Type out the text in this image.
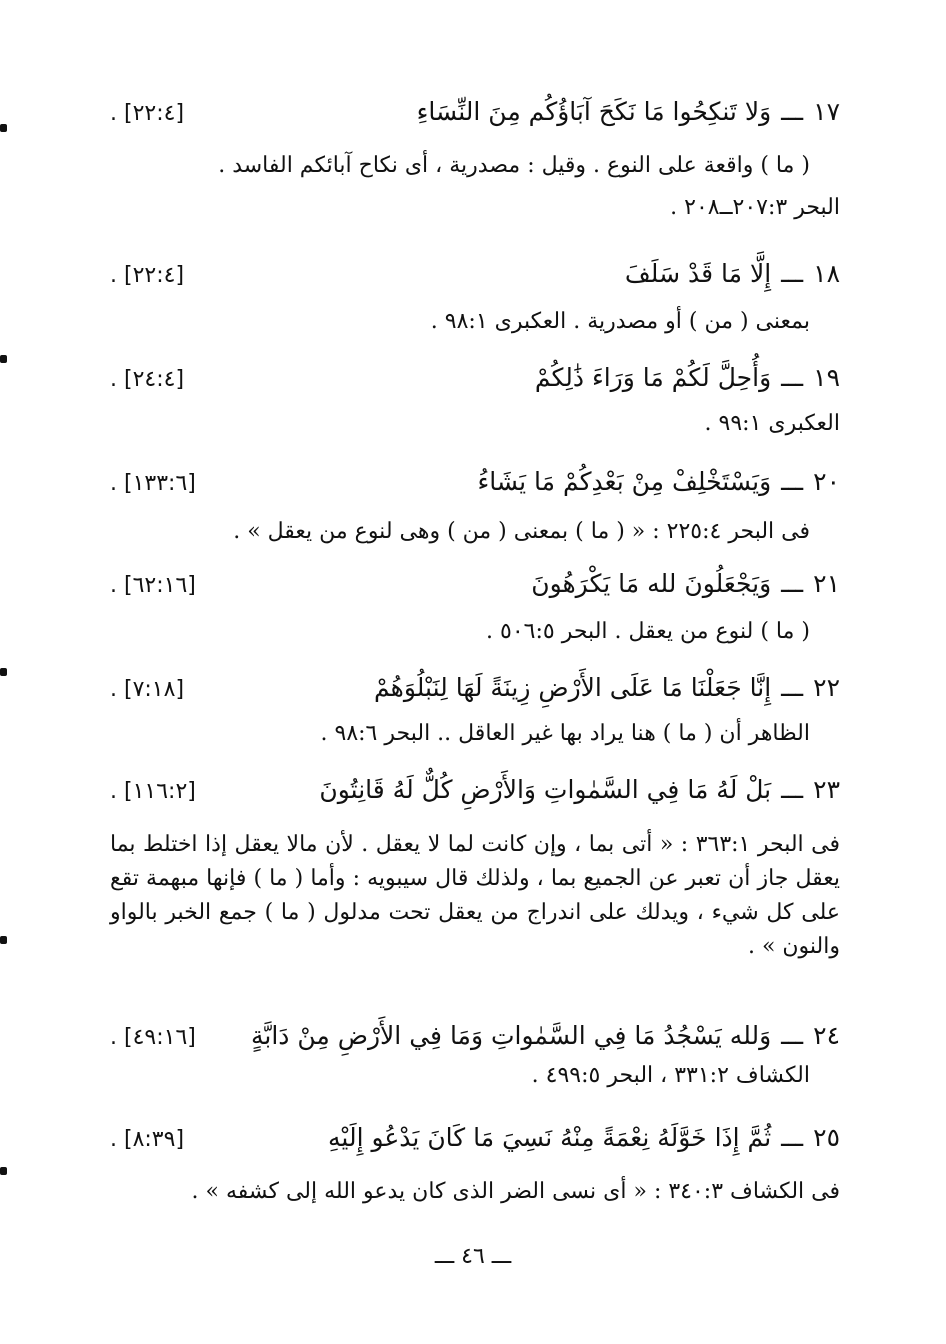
١٧
ـــ
وَلا تَنكِحُوا مَا نَكَحَ آبَاؤُكُم مِنَ النِّسَاءِ
. [٢٢:٤]
( ما ) واقعة على النوع . وقيل : مصدرية ، أى نكاح آبائكم الفاسد .
البحر ٢٠٧:٣ــ٢٠٨ .
١٨
ـــ
إِلَّا مَا قَدْ سَلَفَ
. [٢٢:٤]
بمعنى ( من ) أو مصدرية . العكبرى ٩٨:١ .
١٩
ـــ
وَأُحِلَّ لَكُمْ مَا وَرَاءَ ذَٰلِكُمْ
. [٢٤:٤]
العكبرى ٩٩:١ .
٢٠
ـــ
وَيَسْتَخْلِفْ مِنْ بَعْدِكُمْ مَا يَشَاءُ
. [١٣٣:٦]
فى البحر ٢٢٥:٤ : « ( ما ) بمعنى ( من ) وهى لنوع من يعقل » .
٢١
ـــ
وَيَجْعَلُونَ لله مَا يَكْرَهُونَ
. [٦٢:١٦]
( ما ) لنوع من يعقل . البحر ٥٠٦:٥ .
٢٢
ـــ
إِنَّا جَعَلْنَا مَا عَلَى الأَرْضِ زِينَةً لَهَا لِنَبْلُوَهُمْ
. [٧:١٨]
الظاهر أن ( ما ) هنا يراد بها غير العاقل .. البحر ٩٨:٦ .
٢٣
ـــ
بَلْ لَهُ مَا فِي السَّمٰواتِ وَالأَرْضِ كُلٌّ لَهُ قَانِتُونَ
. [١١٦:٢]
فى البحر ٣٦٣:١ : « أتى بما ، وإن كانت لما لا يعقل . لأن مالا يعقل إذا اختلط بما يعقل جاز أن تعبر عن الجميع بما ، ولذلك قال سيبويه : وأما ( ما ) فإنها مبهمة تقع على كل شيء ، ويدلك على اندراج من يعقل تحت مدلول ( ما ) جمع الخبر بالواو والنون » .
٢٤
ـــ
وَلله يَسْجُدُ مَا فِي السَّمٰواتِ وَمَا فِي الأَرْضِ مِنْ دَابَّةٍ
. [٤٩:١٦]
الكشاف ٣٣١:٢ ، البحر ٤٩٩:٥ .
٢٥
ـــ
ثُمَّ إِذَا خَوَّلَهُ نِعْمَةً مِنْهُ نَسِيَ مَا كَانَ يَدْعُو إِلَيْهِ
. [٨:٣٩]
فى الكشاف ٣٤٠:٣ : « أى نسى الضر الذى كان يدعو الله إلى كشفه » .
ـــ ٤٦ ـــ
